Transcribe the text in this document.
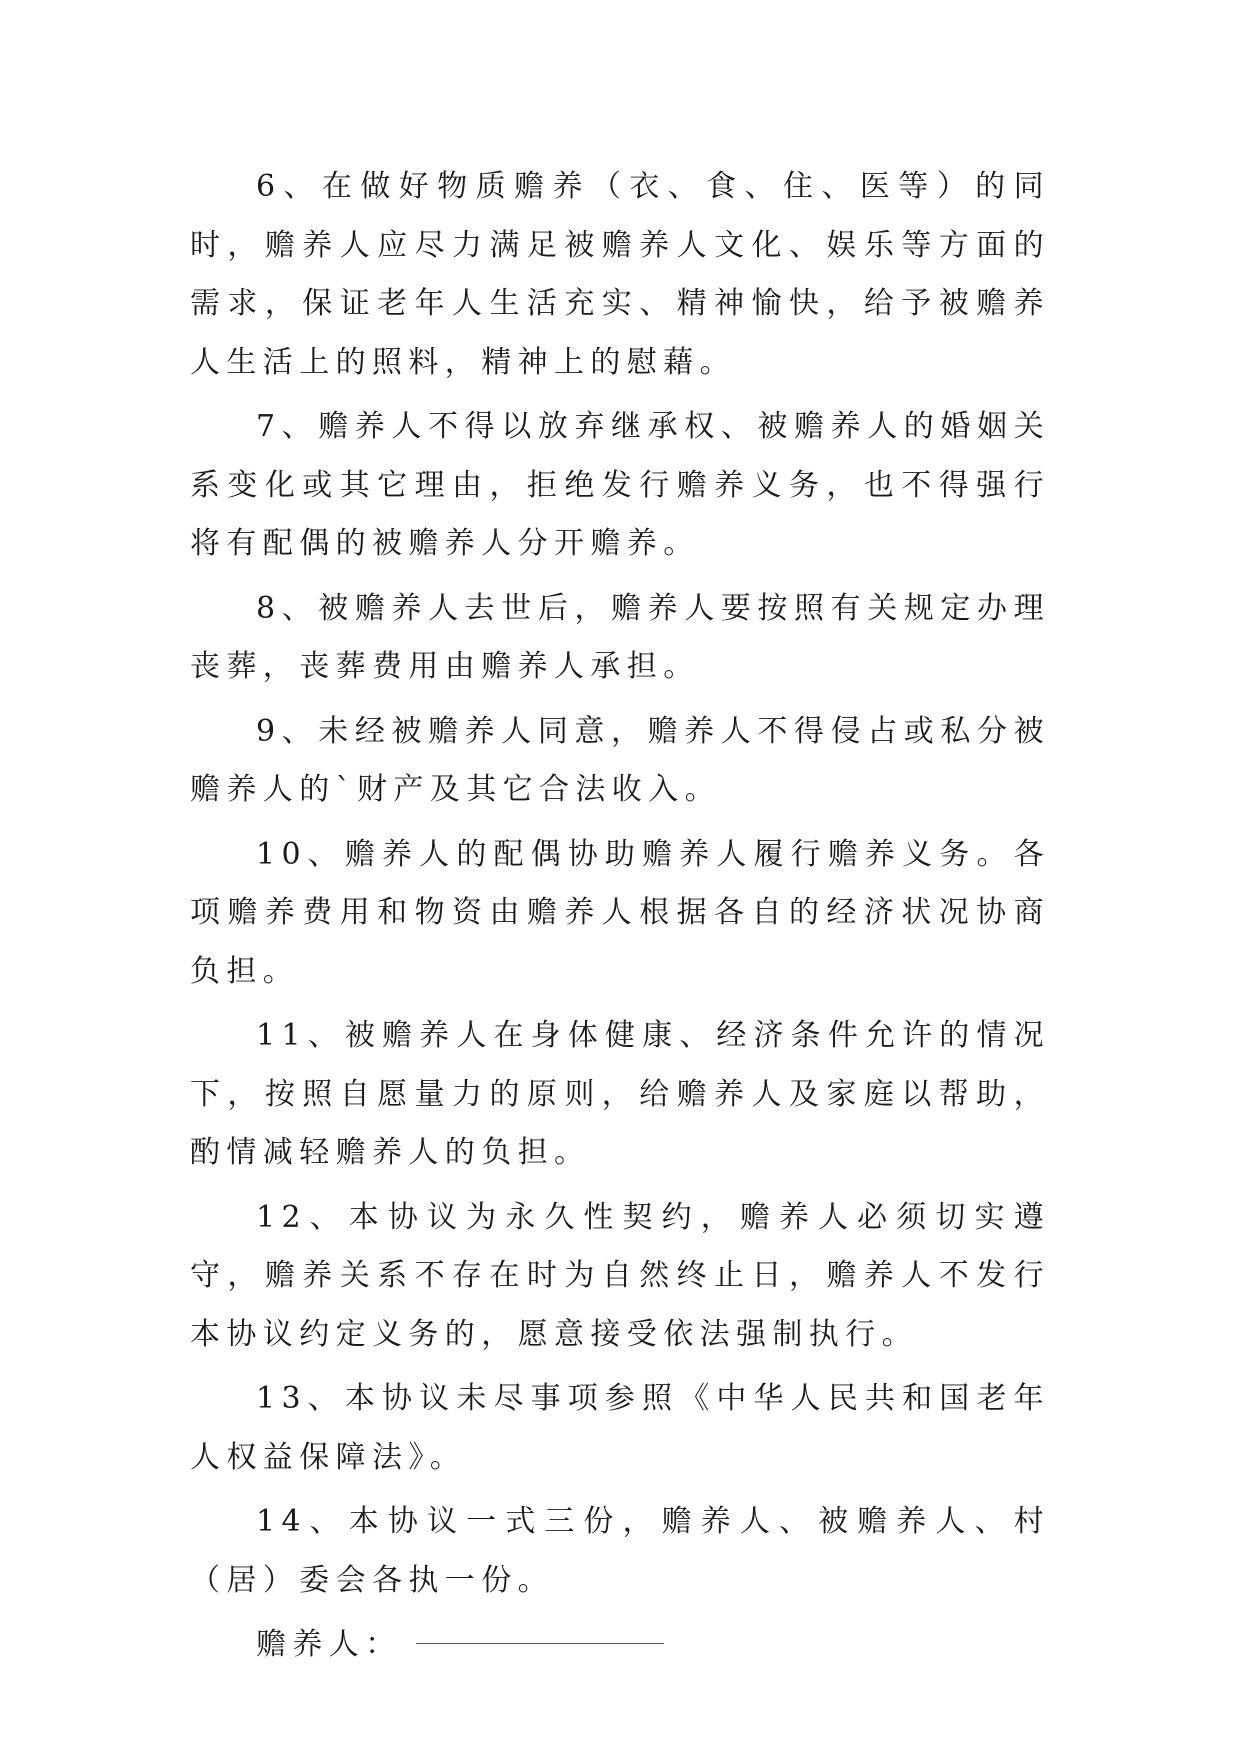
6、在做好物质赡养（衣、食、住、医等）的同时，赡养人应尽力满足被赡养人文化、娱乐等方面的需求，保证老年人生活充实、精神愉快，给予被赡养人生活上的照料，精神上的慰藉。

7、赡养人不得以放弃继承权、被赡养人的婚姻关系变化或其它理由，拒绝发行赡养义务，也不得强行将有配偶的被赡养人分开赡养。

8、被赡养人去世后，赡养人要按照有关规定办理丧葬，丧葬费用由赡养人承担。

9、未经被赡养人同意，赡养人不得侵占或私分被赡养人的`财产及其它合法收入。

10、赡养人的配偶协助赡养人履行赡养义务。各项赡养费用和物资由赡养人根据各自的经济状况协商负担。

11、被赡养人在身体健康、经济条件允许的情况下，按照自愿量力的原则，给赡养人及家庭以帮助，酌情减轻赡养人的负担。

12、本协议为永久性契约，赡养人必须切实遵守，赡养关系不存在时为自然终止日，赡养人不发行本协议约定义务的，愿意接受依法强制执行。

13、本协议未尽事项参照《中华人民共和国老年人权益保障法》。

14、本协议一式三份，赡养人、被赡养人、村（居）委会各执一份。

赡养人：
